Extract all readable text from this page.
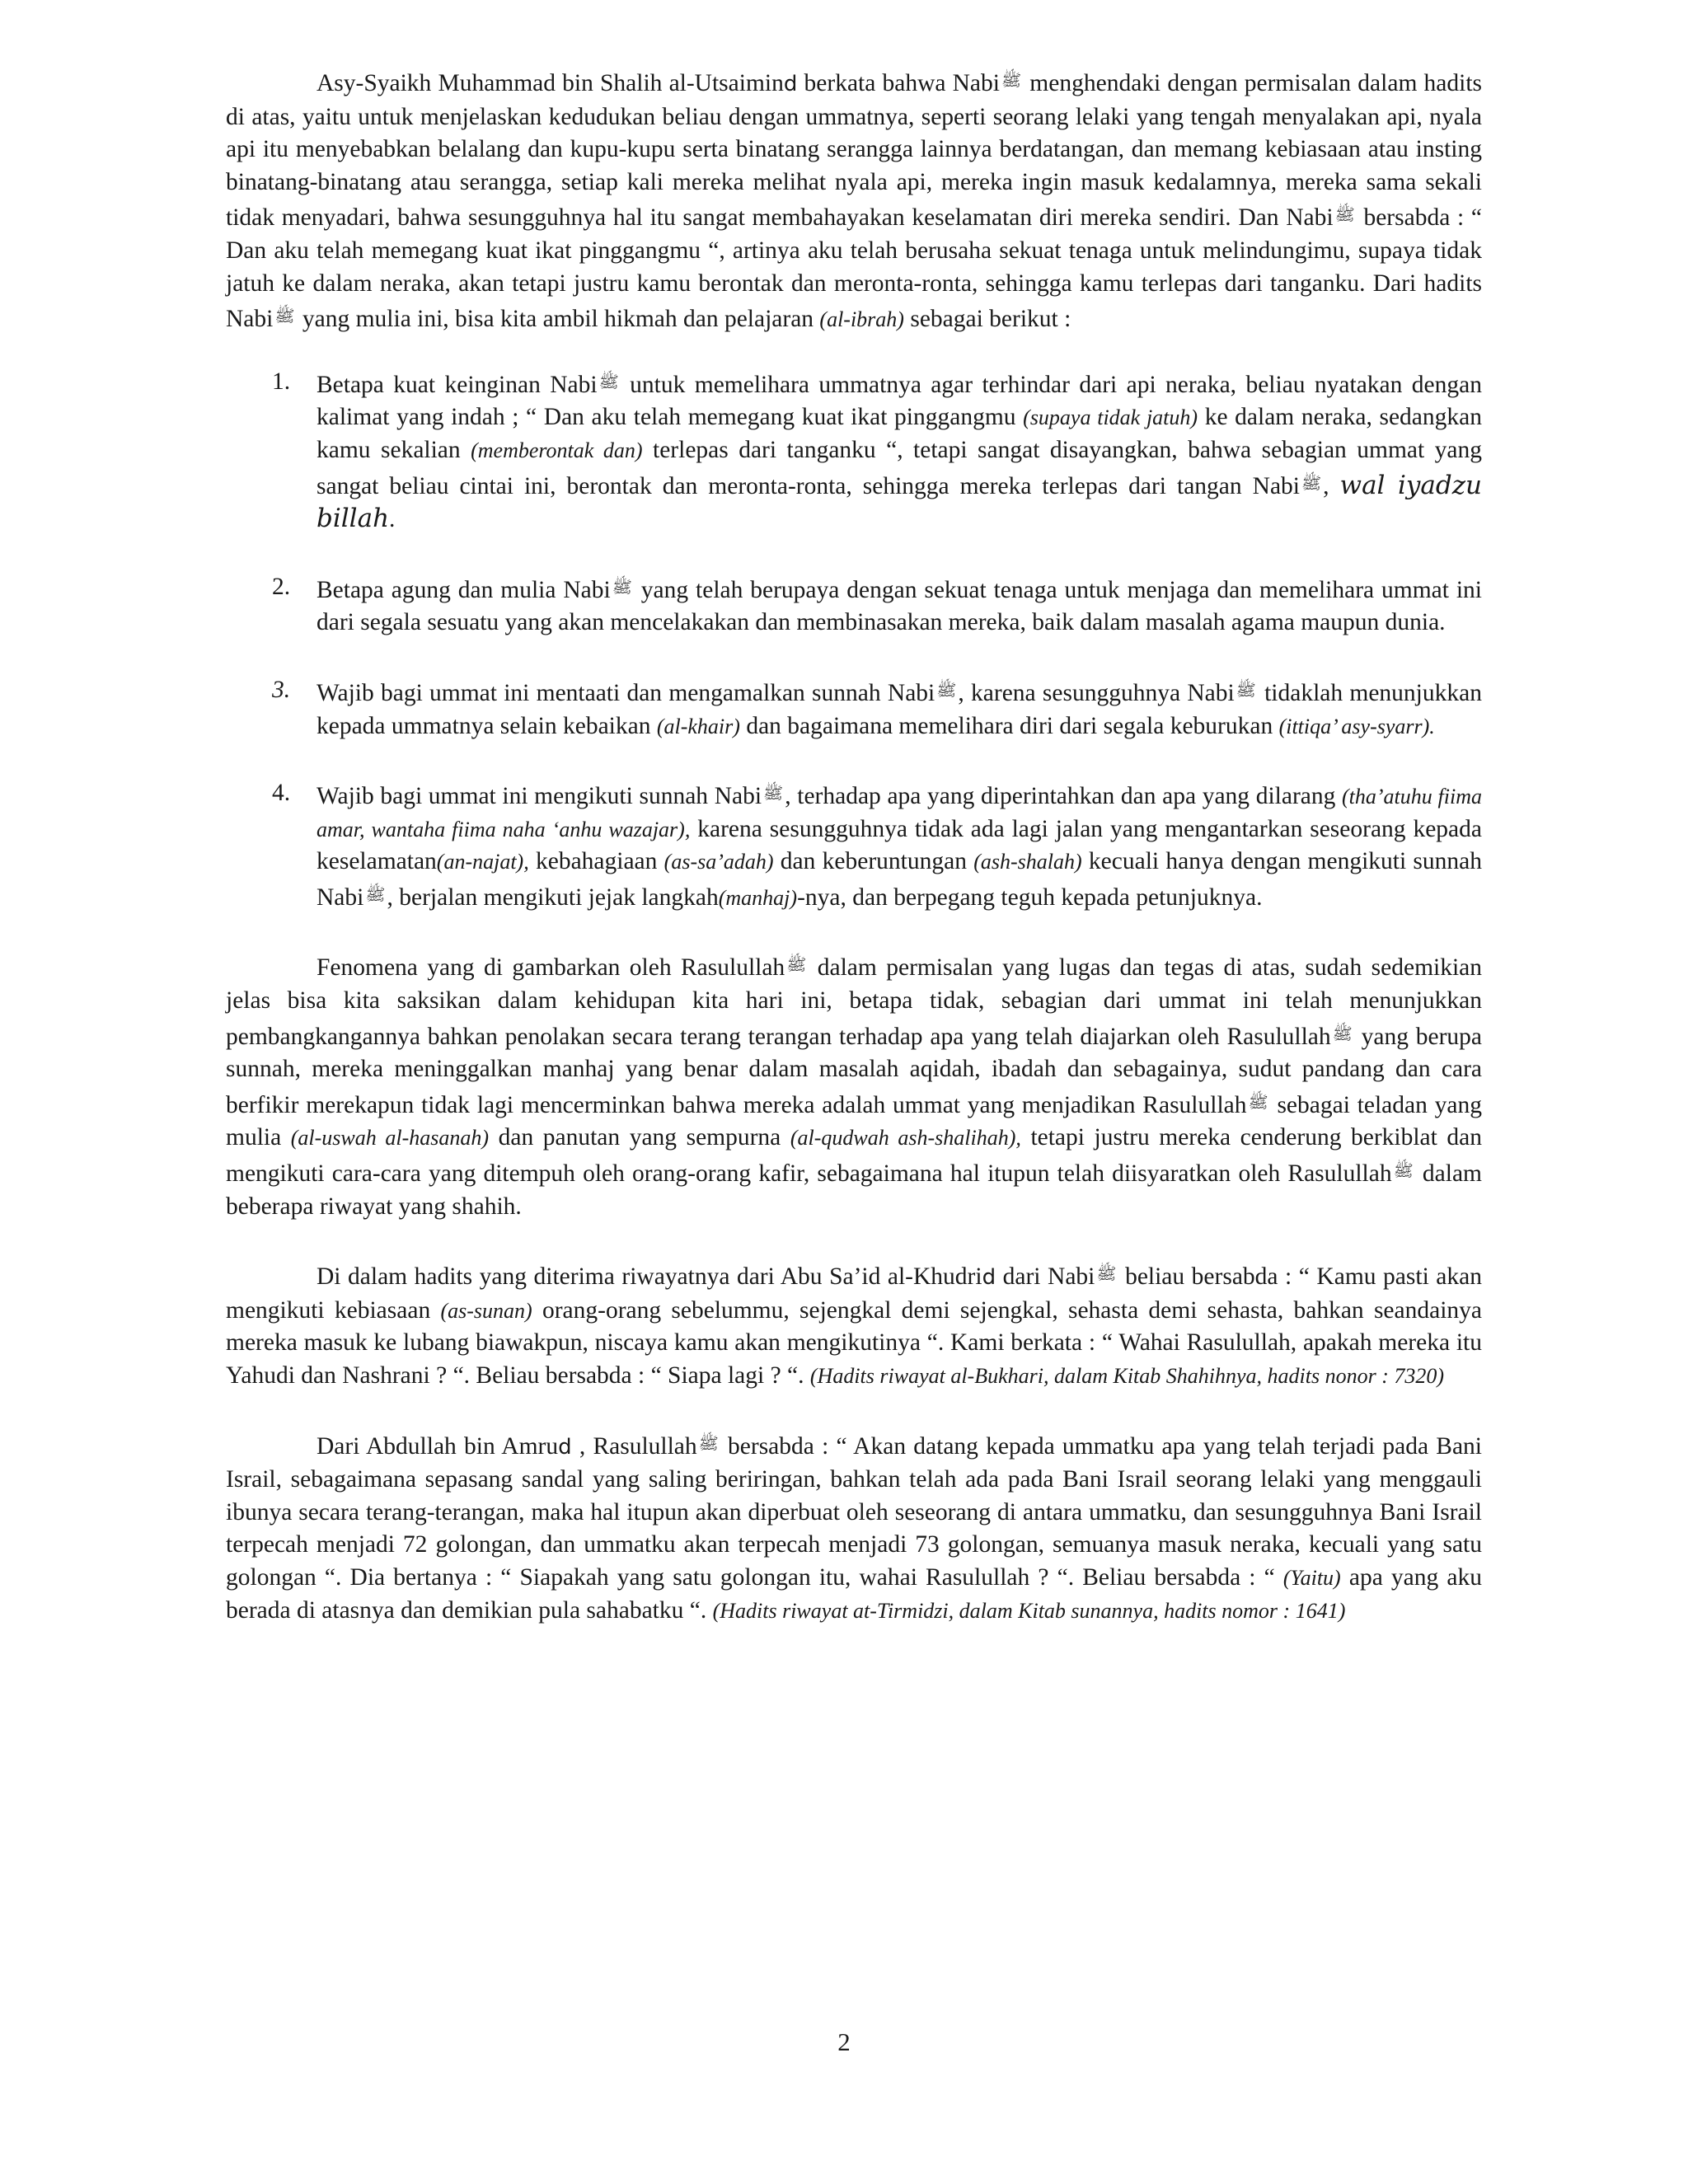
Asy-Syaikh Muhammad bin Shalih al-Utsaimind berkata bahwa Nabi $^ﷺ$ menghendaki dengan permisalan dalam hadits di atas, yaitu untuk menjelaskan kedudukan beliau dengan ummatnya, seperti seorang lelaki yang tengah menyalakan api, nyala api itu menyebabkan belalang dan kupu-kupu serta binatang serangga lainnya berdatangan, dan memang kebiasaan atau insting binatang-binatang atau serangga, setiap kali mereka melihat nyala api, mereka ingin masuk kedalamnya, mereka sama sekali tidak menyadari, bahwa sesungguhnya hal itu sangat membahayakan keselamatan diri mereka sendiri. Dan Nabi $^ﷺ$ bersabda : “ Dan aku telah memegang kuat ikat pinggangmu “, artinya aku telah berusaha sekuat tenaga untuk melindungimu, supaya tidak jatuh ke dalam neraka, akan tetapi justru kamu berontak dan meronta-ronta, sehingga kamu terlepas dari tanganku. Dari hadits Nabi $^ﷺ$ yang mulia ini, bisa kita ambil hikmah dan pelajaran (al-ibrah) sebagai berikut :

1. Betapa kuat keinginan Nabi $^ﷺ$ untuk memelihara ummatnya agar terhindar dari api neraka, beliau nyatakan dengan kalimat yang indah ; “ Dan aku telah memegang kuat ikat pinggangmu (supaya tidak jatuh) ke dalam neraka, sedangkan kamu sekalian (memberontak dan) terlepas dari tanganku “, tetapi sangat disayangkan, bahwa sebagian ummat yang sangat beliau cintai ini, berontak dan meronta-ronta, sehingga mereka terlepas dari tangan Nabi $^ﷺ$, wal iyadzu billah.
2. Betapa agung dan mulia Nabi $^ﷺ$ yang telah berupaya dengan sekuat tenaga untuk menjaga dan memelihara ummat ini dari segala sesuatu yang akan mencelakakan dan membinasakan mereka, baik dalam masalah agama maupun dunia.
3. Wajib bagi ummat ini mentaati dan mengamalkan sunnah Nabi $^ﷺ$, karena sesungguhnya Nabi $^ﷺ$ tidaklah menunjukkan kepada ummatnya selain kebaikan (al-khair) dan bagaimana memelihara diri dari segala keburukan (ittiqa’ asy-syarr).
4. Wajib bagi ummat ini mengikuti sunnah Nabi $^ﷺ$, terhadap apa yang diperintahkan dan apa yang dilarang (tha’atuhu fiima amar, wantaha fiima naha ‘anhu wazajar), karena sesungguhnya tidak ada lagi jalan yang mengantarkan seseorang kepada keselamatan(an-najat), kebahagiaan (as-sa’adah) dan keberuntungan (ash-shalah) kecuali hanya dengan mengikuti sunnah Nabi $^ﷺ$, berjalan mengikuti jejak langkah(manhaj)-nya, dan berpegang teguh kepada petunjuknya.

Fenomena yang di gambarkan oleh Rasulullah $^ﷺ$ dalam permisalan yang lugas dan tegas di atas, sudah sedemikian jelas bisa kita saksikan dalam kehidupan kita hari ini, betapa tidak, sebagian dari ummat ini telah menunjukkan pembangkangannya bahkan penolakan secara terang terangan terhadap apa yang telah diajarkan oleh Rasulullah $^ﷺ$ yang berupa sunnah, mereka meninggalkan manhaj yang benar dalam masalah aqidah, ibadah dan sebagainya, sudut pandang dan cara berfikir merekapun tidak lagi mencerminkan bahwa mereka adalah ummat yang menjadikan Rasulullah $^ﷺ$ sebagai teladan yang mulia (al-uswah al-hasanah) dan panutan yang sempurna (al-qudwah ash-shalihah), tetapi justru mereka cenderung berkiblat dan mengikuti cara-cara yang ditempuh oleh orang-orang kafir, sebagaimana hal itupun telah diisyaratkan oleh Rasulullah $^ﷺ$ dalam beberapa riwayat yang shahih.

Di dalam hadits yang diterima riwayatnya dari Abu Sa’id al-Khudrid dari Nabi $^ﷺ$ beliau bersabda : “ Kamu pasti akan mengikuti kebiasaan (as-sunan) orang-orang sebelummu, sejengkal demi sejengkal, sehasta demi sehasta, bahkan seandainya mereka masuk ke lubang biawakpun, niscaya kamu akan mengikutinya “. Kami berkata : “ Wahai Rasulullah, apakah mereka itu Yahudi dan Nashrani ? “. Beliau bersabda : “ Siapa lagi ? “. (Hadits riwayat al-Bukhari, dalam Kitab Shahihnya, hadits nonor : 7320)

Dari Abdullah bin Amrud , Rasulullah $^ﷺ$ bersabda : “ Akan datang kepada ummatku apa yang telah terjadi pada Bani Israil, sebagaimana sepasang sandal yang saling beriringan, bahkan telah ada pada Bani Israil seorang lelaki yang menggauli ibunya secara terang-terangan, maka hal itupun akan diperbuat oleh seseorang di antara ummatku, dan sesungguhnya Bani Israil terpecah menjadi 72 golongan, dan ummatku akan terpecah menjadi 73 golongan, semuanya masuk neraka, kecuali yang satu golongan “. Dia bertanya : “ Siapakah yang satu golongan itu, wahai Rasulullah ? “. Beliau bersabda : “ (Yaitu) apa yang aku berada di atasnya dan demikian pula sahabatku “. (Hadits riwayat at-Tirmidzi, dalam Kitab sunannya, hadits nomor : 1641)

2
